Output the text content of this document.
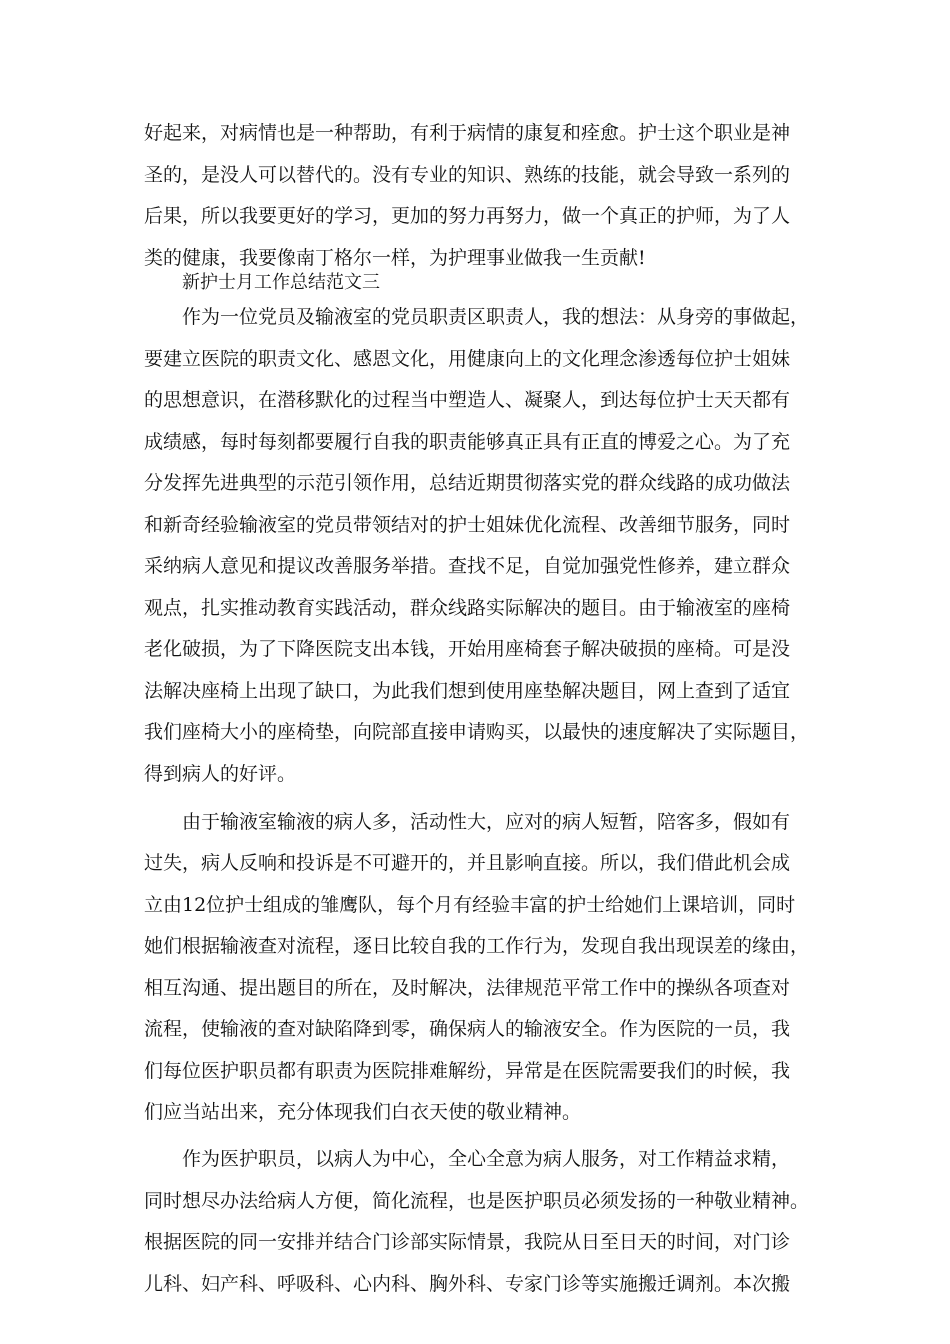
好起来，对病情也是一种帮助，有利于病情的康复和痊愈。护士这个职业是神
圣的，是没人可以替代的。没有专业的知识、熟练的技能，就会导致一系列的
后果，所以我要更好的学习，更加的努力再努力，做一个真正的护师，为了人
类的健康，我要像南丁格尔一样，为护理事业做我一生贡献!
新护士月工作总结范文三
作为一位党员及输液室的党员职责区职责人，我的想法：从身旁的事做起，
要建立医院的职责文化、感恩文化，用健康向上的文化理念渗透每位护士姐妹
的思想意识，在潜移默化的过程当中塑造人、凝聚人，到达每位护士天天都有
成绩感，每时每刻都要履行自我的职责能够真正具有正直的博爱之心。为了充
分发挥先进典型的示范引领作用，总结近期贯彻落实党的群众线路的成功做法
和新奇经验输液室的党员带领结对的护士姐妹优化流程、改善细节服务，同时
采纳病人意见和提议改善服务举措。查找不足，自觉加强党性修养，建立群众
观点，扎实推动教育实践活动，群众线路实际解决的题目。由于输液室的座椅
老化破损，为了下降医院支出本钱，开始用座椅套子解决破损的座椅。可是没
法解决座椅上出现了缺口，为此我们想到使用座垫解决题目，网上查到了适宜
我们座椅大小的座椅垫，向院部直接申请购买，以最快的速度解决了实际题目，
得到病人的好评。
由于输液室输液的病人多，活动性大，应对的病人短暂，陪客多，假如有
过失，病人反响和投诉是不可避开的，并且影响直接。所以，我们借此机会成
立由12位护士组成的雏鹰队，每个月有经验丰富的护士给她们上课培训，同时
她们根据输液查对流程，逐日比较自我的工作行为，发现自我出现误差的缘由，
相互沟通、提出题目的所在，及时解决，法律规范平常工作中的操纵各项查对
流程，使输液的查对缺陷降到零，确保病人的输液安全。作为医院的一员，我
们每位医护职员都有职责为医院排难解纷，异常是在医院需要我们的时候，我
们应当站出来，充分体现我们白衣天使的敬业精神。
作为医护职员，以病人为中心，全心全意为病人服务，对工作精益求精，
同时想尽办法给病人方便，简化流程，也是医护职员必须发扬的一种敬业精神。
根据医院的同一安排并结合门诊部实际情景，我院从日至日天的时间，对门诊
儿科、妇产科、呼吸科、心内科、胸外科、专家门诊等实施搬迁调剂。本次搬
